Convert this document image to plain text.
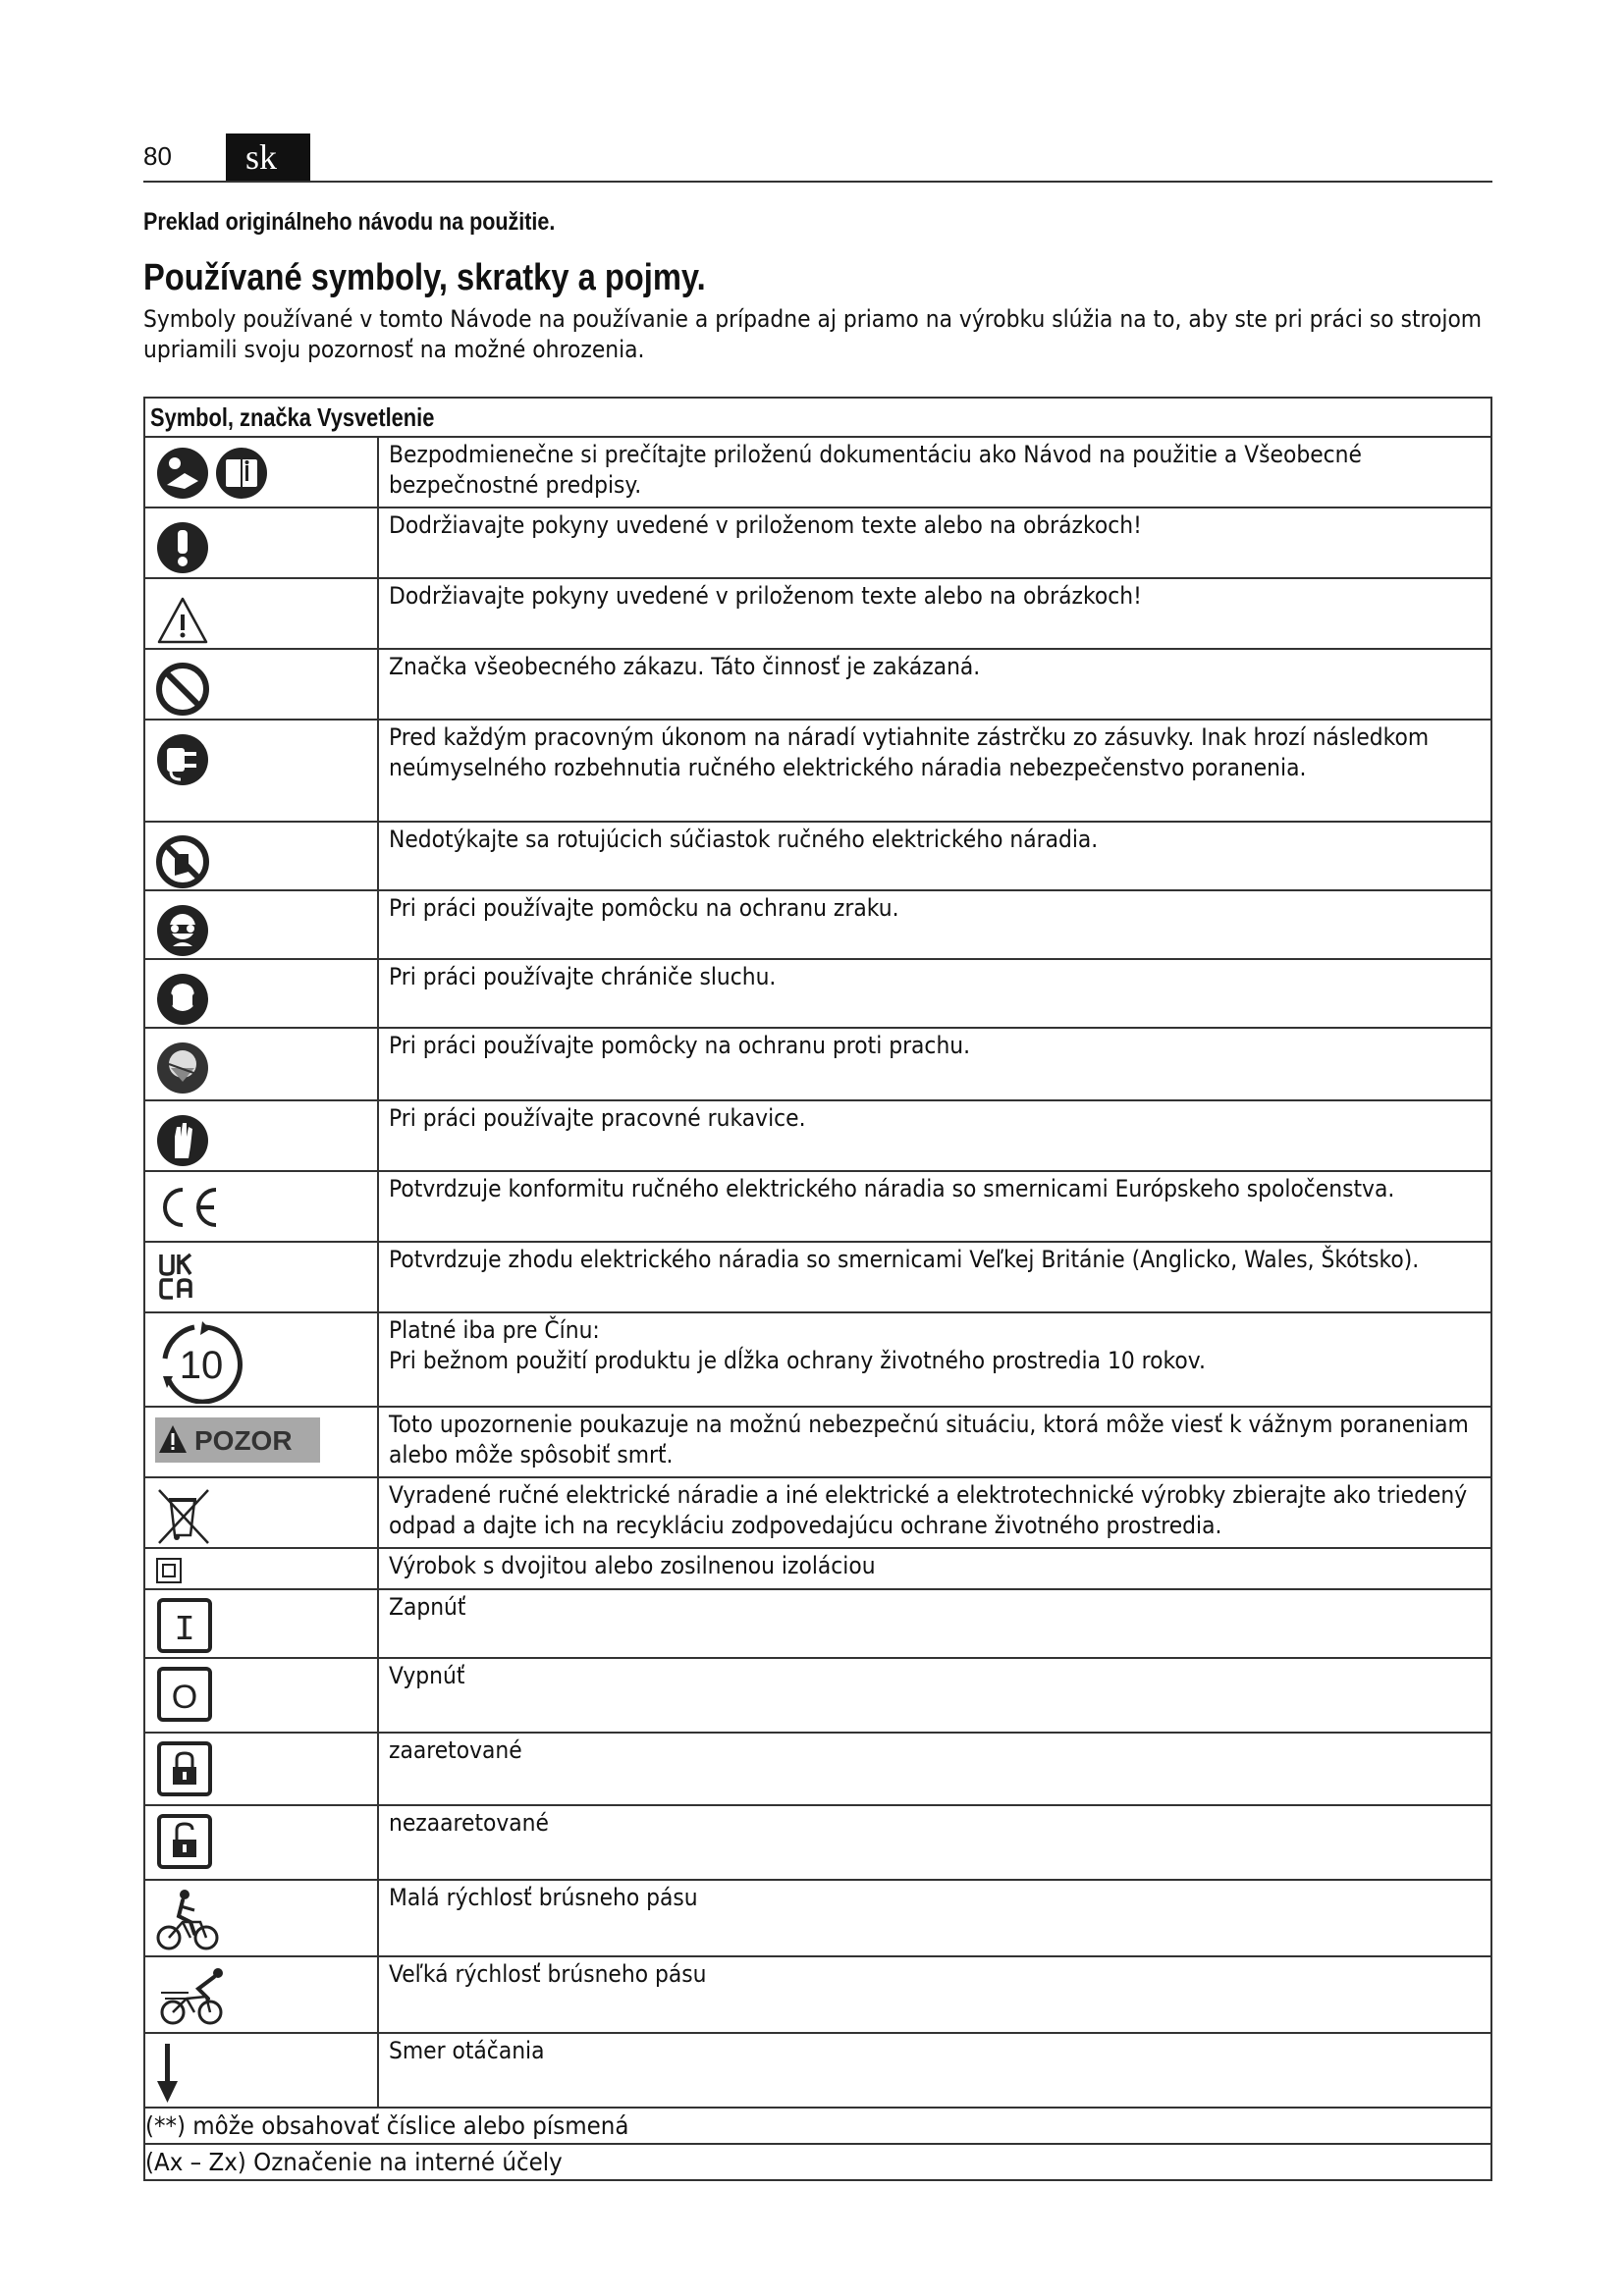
80	sk
Preklad originálneho návodu na použitie.
Používané symboly, skratky a pojmy.
Symboly používané v tomto Návode na používanie a prípadne aj priamo na výrobku slúžia na to, aby ste pri práci so strojom upriamili svoju pozornosť na možné ohrozenia.
Symbol, značka Vysvetlenie	

	Bezpodmienečne si prečítajte priloženú dokumentáciu ako Návod na použitie a Všeobecné bezpečnostné predpisy.

	Dodržiavajte pokyny uvedené v priloženom texte alebo na obrázkoch!

	Dodržiavajte pokyny uvedené v priloženom texte alebo na obrázkoch!

	Značka všeobecného zákazu. Táto činnosť je zakázaná.

	Pred každým pracovným úkonom na náradí vytiahnite zástrčku zo zásuvky. Inak hrozí následkom neúmyselného rozbehnutia ručného elektrického náradia nebezpečenstvo poranenia.

	Nedotýkajte sa rotujúcich súčiastok ručného elektrického náradia.

	Pri práci používajte pomôcku na ochranu zraku.

	Pri práci používajte chrániče sluchu.

	Pri práci používajte pomôcky na ochranu proti prachu.

	Pri práci používajte pracovné rukavice.

	Potvrdzuje konformitu ručného elektrického náradia so smernicami Európskeho spoločenstva.

	Potvrdzuje zhodu elektrického náradia so smernicami Veľkej Británie (Anglicko, Wales, Škótsko).

10	Platné iba pre Čínu:
Pri bežnom použití produktu je dĺžka ochrany životného prostredia 10 rokov.

POZOR	Toto upozornenie poukazuje na možnú nebezpečnú situáciu, ktorá môže viesť k vážnym poraneniam alebo môže spôsobiť smrť.

	Vyradené ručné elektrické náradie a iné elektrické a elektrotechnické výrobky zbierajte ako triedený odpad a dajte ich na recykláciu zodpovedajúcu ochrane životného prostredia.

	Výrobok s dvojitou alebo zosilnenou izoláciou

I	Zapnúť

O	Vypnúť

	zaaretované

	nezaaretované

	Malá rýchlosť brúsneho pásu

	Veľká rýchlosť brúsneho pásu

	Smer otáčania
(**) môže obsahovať číslice alebo písmená	
(Ax – Zx) Označenie na interné účely	
